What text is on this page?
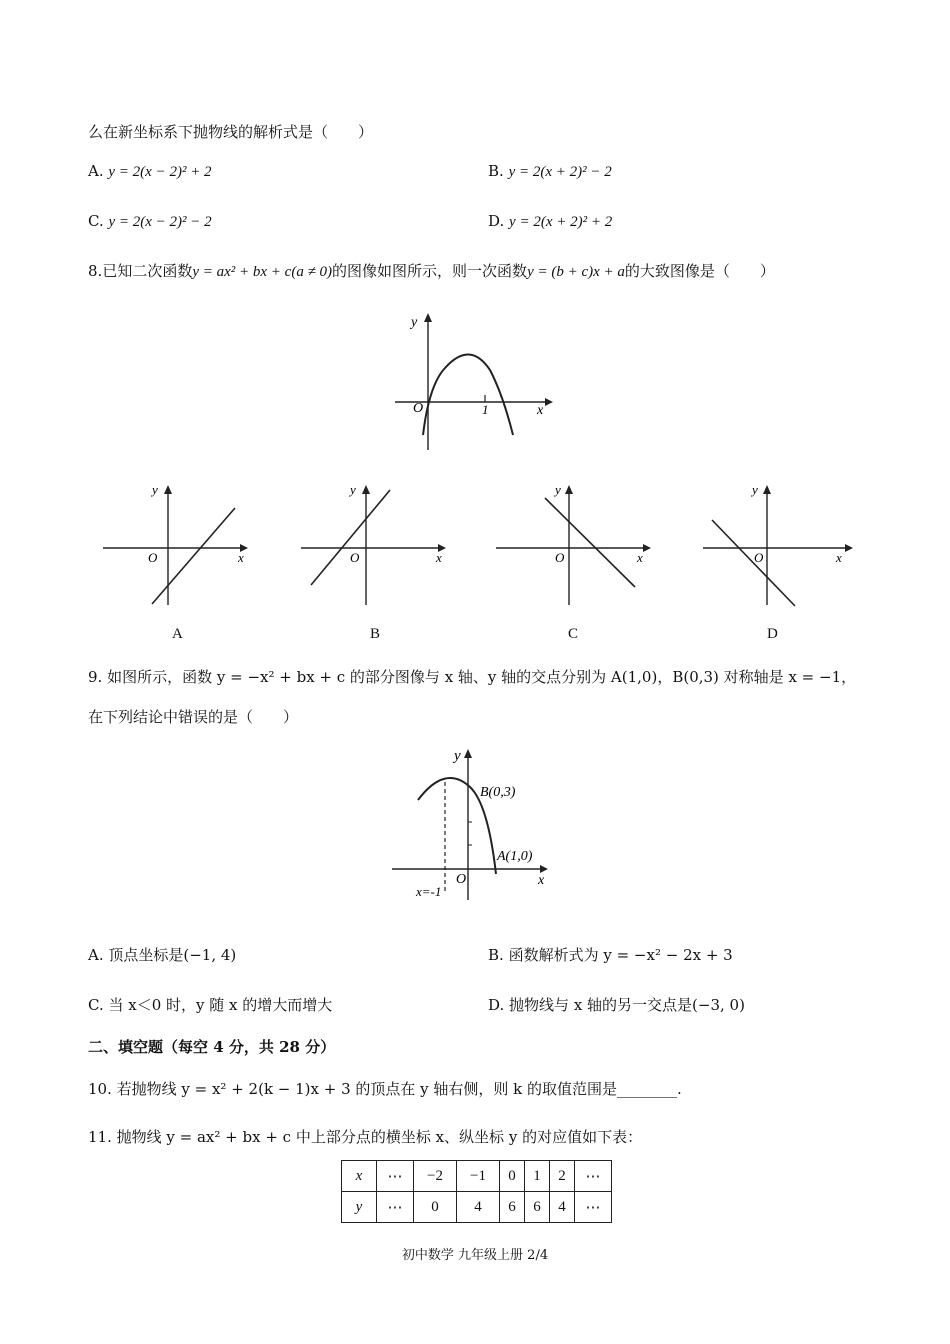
么在新坐标系下抛物线的解析式是（　　）
A. y = 2(x − 2)² + 2	B. y = 2(x + 2)² − 2
C. y = 2(x − 2)² − 2	D. y = 2(x + 2)² + 2
8.已知二次函数y = ax² + bx + c(a ≠ 0)的图像如图所示，则一次函数y = (b + c)x + a的大致图像是（　　）
y
x
O	1
y
x
O
y
x
O
y
x
O
y
x
O
A	B	C	D
9. 如图所示，函数 y = −x² + bx + c 的部分图像与 x 轴、y 轴的交点分别为 A(1,0)，B(0,3) 对称轴是 x = −1，
在下列结论中错误的是（　　）
y
x
O
B(0,3)
A(1,0)
x=-1
A. 顶点坐标是(−1, 4)	B. 函数解析式为 y = −x² − 2x + 3
C. 当 x＜0 时，y 随 x 的增大而增大	D. 抛物线与 x 轴的另一交点是(−3, 0)
二、填空题（每空 4 分，共 28 分）
10. 若抛物线 y = x² + 2(k − 1)x + 3 的顶点在 y 轴右侧，则 k 的取值范围是________.
11. 抛物线 y = ax² + bx + c 中上部分点的横坐标 x、纵坐标 y 的对应值如下表：
x	⋯	−2	−1	0	1	2	⋯
y	⋯	0	4	6	6	4	⋯
初中数学 九年级上册 2/4
